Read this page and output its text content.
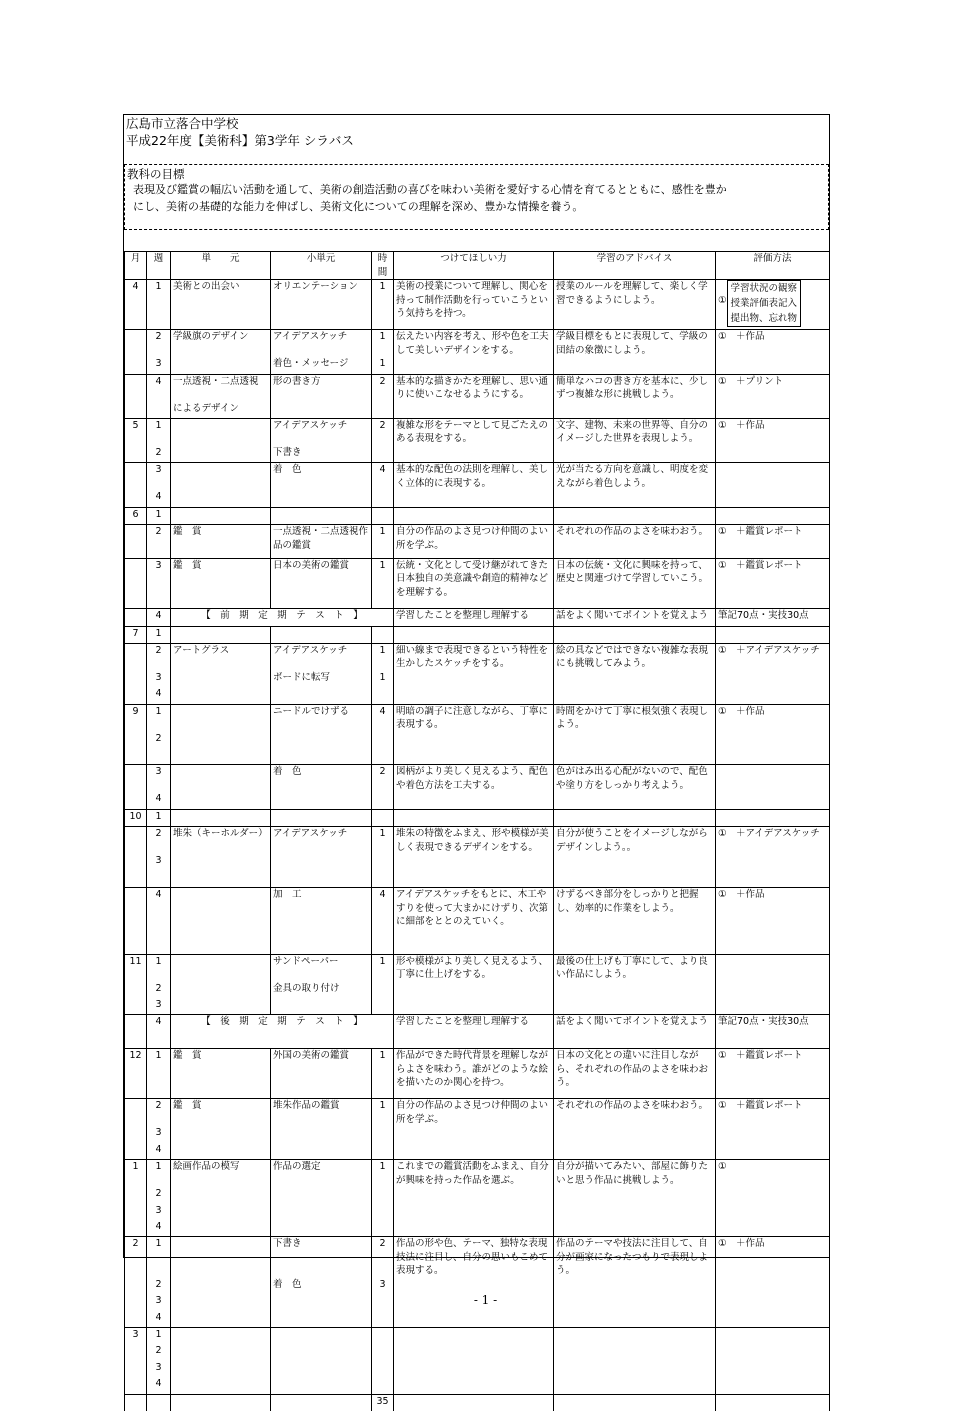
広島市立落合中学校
平成22年度【美術科】第3学年 シラバス
教科の目標
表現及び鑑賞の幅広い活動を通して、美術の創造活動の喜びを味わい美術を愛好する心情を育てるとともに、感性を豊か
にし、美術の基礎的な能力を伸ばし、美術文化についての理解を深め、豊かな情操を養う。
月	週	単　　元	小単元	時間	つけてほしい力	学習のアドバイス	評価方法
4	1	美術との出会い	オリエンテーション	1	美術の授業について理解し、関心を持って制作活動を行っていこうという気持ちを持つ。	授業のルールを理解して、楽しく学習できるようにしよう。	①
学習状況の観察
授業評価表記入
提出物、忘れ物

	2	学級旗のデザイン	アイデアスケッチ	1	伝えたい内容を考え、形や色を工夫して美しいデザインをする。	学級目標をもとに表現して、学級の団結の象徴にしよう。	①　＋作品
	3		着色・メッセージ	1			
	4	一点透視・二点透視	形の書き方	2	基本的な描きかたを理解し、思い通りに使いこなせるようにする。	簡単なハコの書き方を基本に、少しずつ複雑な形に挑戦しよう。	①　＋プリント
		によるデザイン					
5	1		アイデアスケッチ	2	複雑な形をテーマとして見ごたえのある表現をする。	文字、建物、未来の世界等、自分のイメージした世界を表現しよう。	①　＋作品
	2		下書き				
	3		着　色	4	基本的な配色の法則を理解し、美しく立体的に表現する。	光が当たる方向を意識し、明度を変えながら着色しよう。	
	4						
6	1						
	2	鑑　賞	一点透視・二点透視作品の鑑賞	1	自分の作品のよさ見つけ仲間のよい所を学ぶ。	それぞれの作品のよさを味わおう。	①　＋鑑賞レポート
	3	鑑　賞	日本の美術の鑑賞	1	伝統・文化として受け継がれてきた日本独自の美意識や創造的精神などを理解する。	日本の伝統・文化に興味を持って、歴史と関連づけて学習していこう。	①　＋鑑賞レポート
	4	【　前　期　定　期　テ　ス　ト　】			学習したことを整理し理解する	話をよく聞いてポイントを覚えよう	筆記70点・実技30点
7	1						
	2	アートグラス	アイデアスケッチ	1	細い線まで表現できるという特性を生かしたスケッチをする。	絵の具などではできない複雑な表現にも挑戦してみよう。	①　＋アイデアスケッチ
	3		ボードに転写	1			
	4						
9	1		ニードルでけずる	4	明暗の調子に注意しながら、丁寧に表現する。	時間をかけて丁寧に根気強く表現しよう。	①　＋作品
	2						

	3		着　色	2	図柄がより美しく見えるよう、配色や着色方法を工夫する。	色がはみ出る心配がないので、配色や塗り方をしっかり考えよう。	
	4						
10	1						
	2	堆朱（キーホルダー）	アイデアスケッチ	1	堆朱の特徴をふまえ、形や模様が美しく表現できるデザインをする。	自分が使うことをイメージしながらデザインしよう。。	①　＋アイデアスケッチ
	3						

	4		加　工	4	アイデアスケッチをもとに、木工やすりを使って大まかにけずり、次第に細部をととのえていく。	けずるべき部分をしっかりと把握し、効率的に作業をしよう。	①　＋作品
11	1		サンドペーパー	1	形や模様がより美しく見えるよう、丁寧に仕上げをする。	最後の仕上げも丁寧にして、より良い作品にしよう。	
	2		金具の取り付け				
	3						
	4	【　後　期　定　期　テ　ス　ト　】			学習したことを整理し理解する	話をよく聞いてポイントを覚えよう	筆記70点・実技30点
12	1	鑑　賞	外国の美術の鑑賞	1	作品ができた時代背景を理解しながらよさを味わう。誰がどのような絵を描いたのか関心を持つ。	日本の文化との違いに注目しながら、それぞれの作品のよさを味わおう。	①　＋鑑賞レポート
	2	鑑　賞	堆朱作品の鑑賞	1	自分の作品のよさ見つけ仲間のよい所を学ぶ。	それぞれの作品のよさを味わおう。	①　＋鑑賞レポート
	3						
	4						
1	1	絵画作品の模写	作品の選定	1	これまでの鑑賞活動をふまえ、自分が興味を持った作品を選ぶ。	自分が描いてみたい、部屋に飾りたいと思う作品に挑戦しよう。	①
	2						
	3						
	4						
2	1		下書き	2	作品の形や色、テーマ、独特な表現技法に注目し、自分の思いもこめて表現する。	作品のテーマや技法に注目して、自分が画家になったつもりで表現しよう。	①　＋作品
	2		着　色	3			
	3						
	4						
3	1						
	2						
	3						
	4						
				35			
- 1 -
